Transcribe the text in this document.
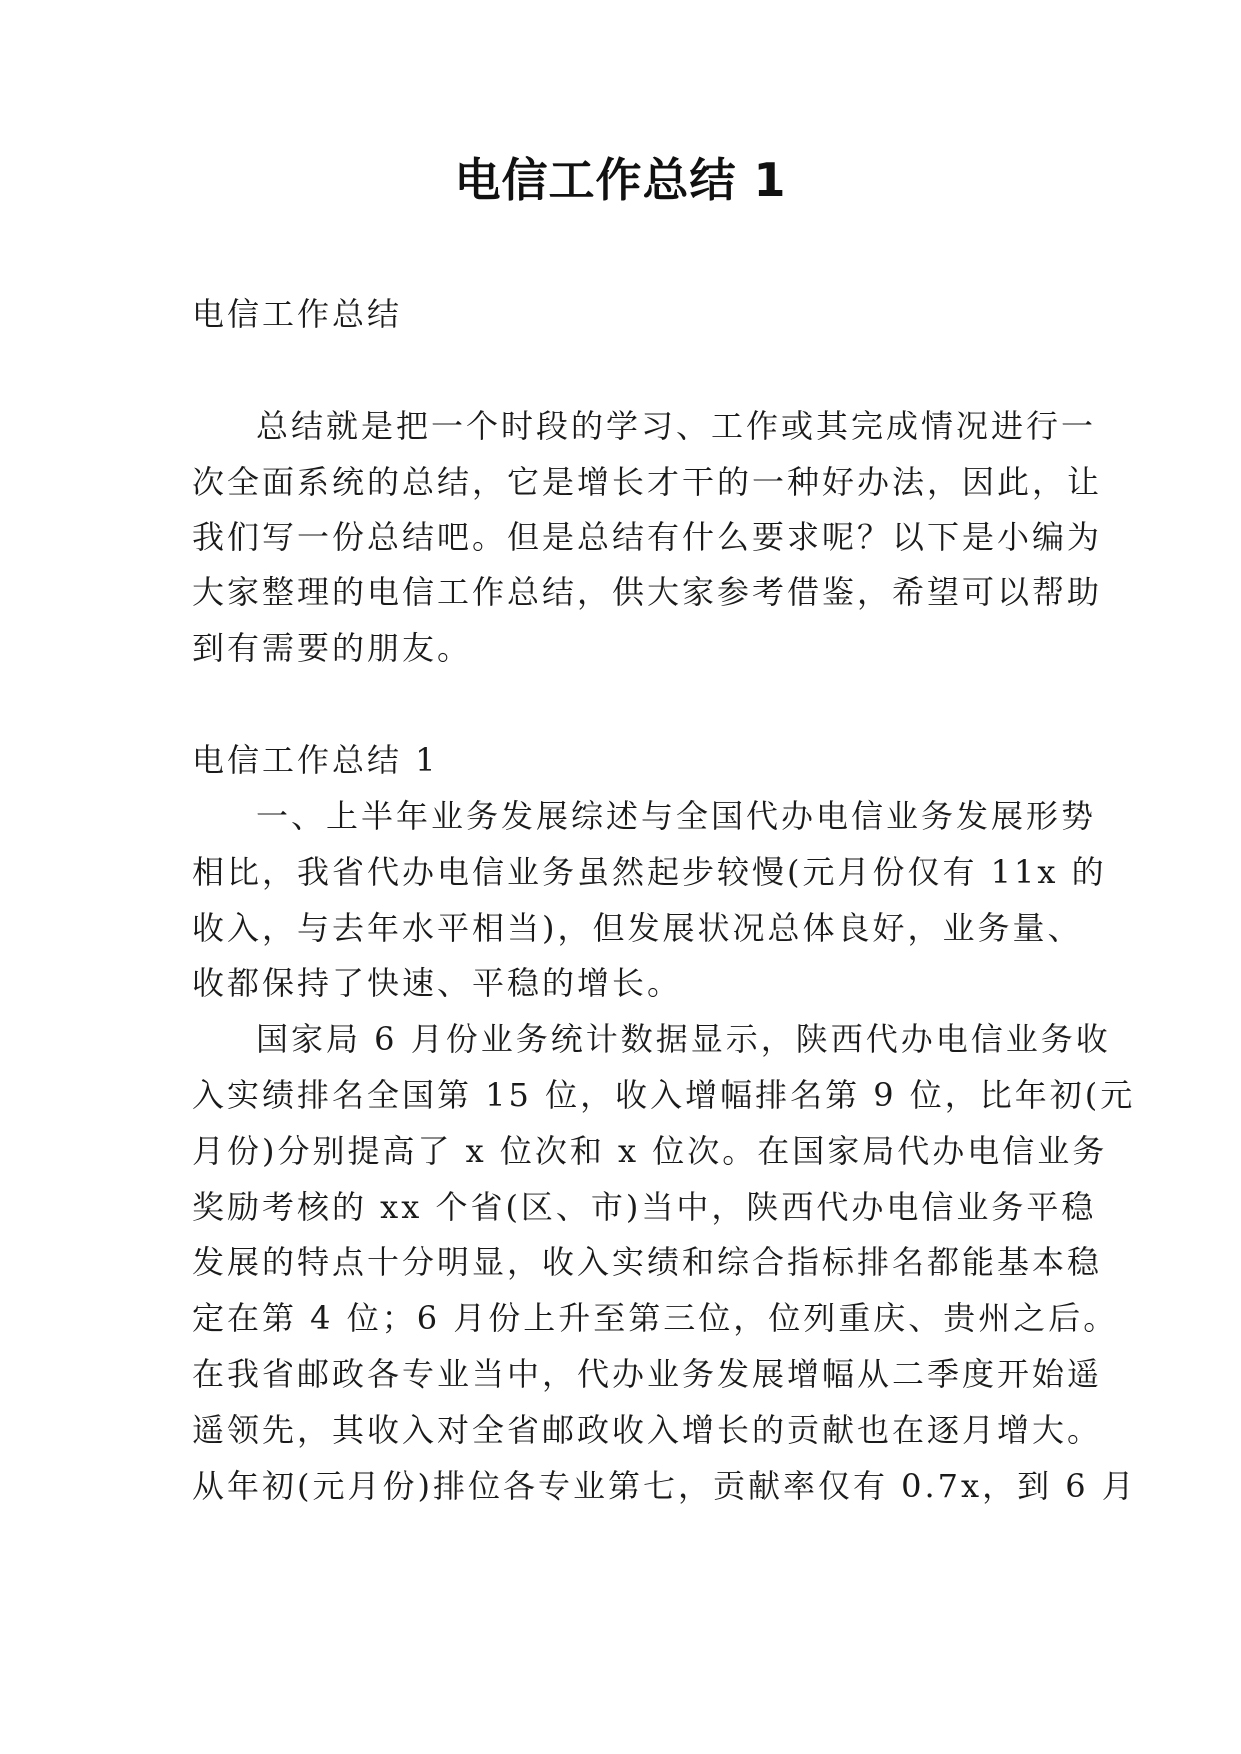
电信工作总结 1

电信工作总结

总结就是把一个时段的学习、工作或其完成情况进行一

次全面系统的总结，它是增长才干的一种好办法，因此，让

我们写一份总结吧。但是总结有什么要求呢？以下是小编为

大家整理的电信工作总结，供大家参考借鉴，希望可以帮助

到有需要的朋友。

电信工作总结 1

一、上半年业务发展综述与全国代办电信业务发展形势

相比，我省代办电信业务虽然起步较慢(元月份仅有 11x 的

收入，与去年水平相当)，但发展状况总体良好，业务量、

收都保持了快速、平稳的增长。

国家局 6 月份业务统计数据显示，陕西代办电信业务收

入实绩排名全国第 15 位，收入增幅排名第 9 位，比年初(元

月份)分别提高了 x 位次和 x 位次。在国家局代办电信业务

奖励考核的 xx 个省(区、市)当中，陕西代办电信业务平稳

发展的特点十分明显，收入实绩和综合指标排名都能基本稳

定在第 4 位；6 月份上升至第三位，位列重庆、贵州之后。

在我省邮政各专业当中，代办业务发展增幅从二季度开始遥

遥领先，其收入对全省邮政收入增长的贡献也在逐月增大。

从年初(元月份)排位各专业第七，贡献率仅有 0.7x，到 6 月
